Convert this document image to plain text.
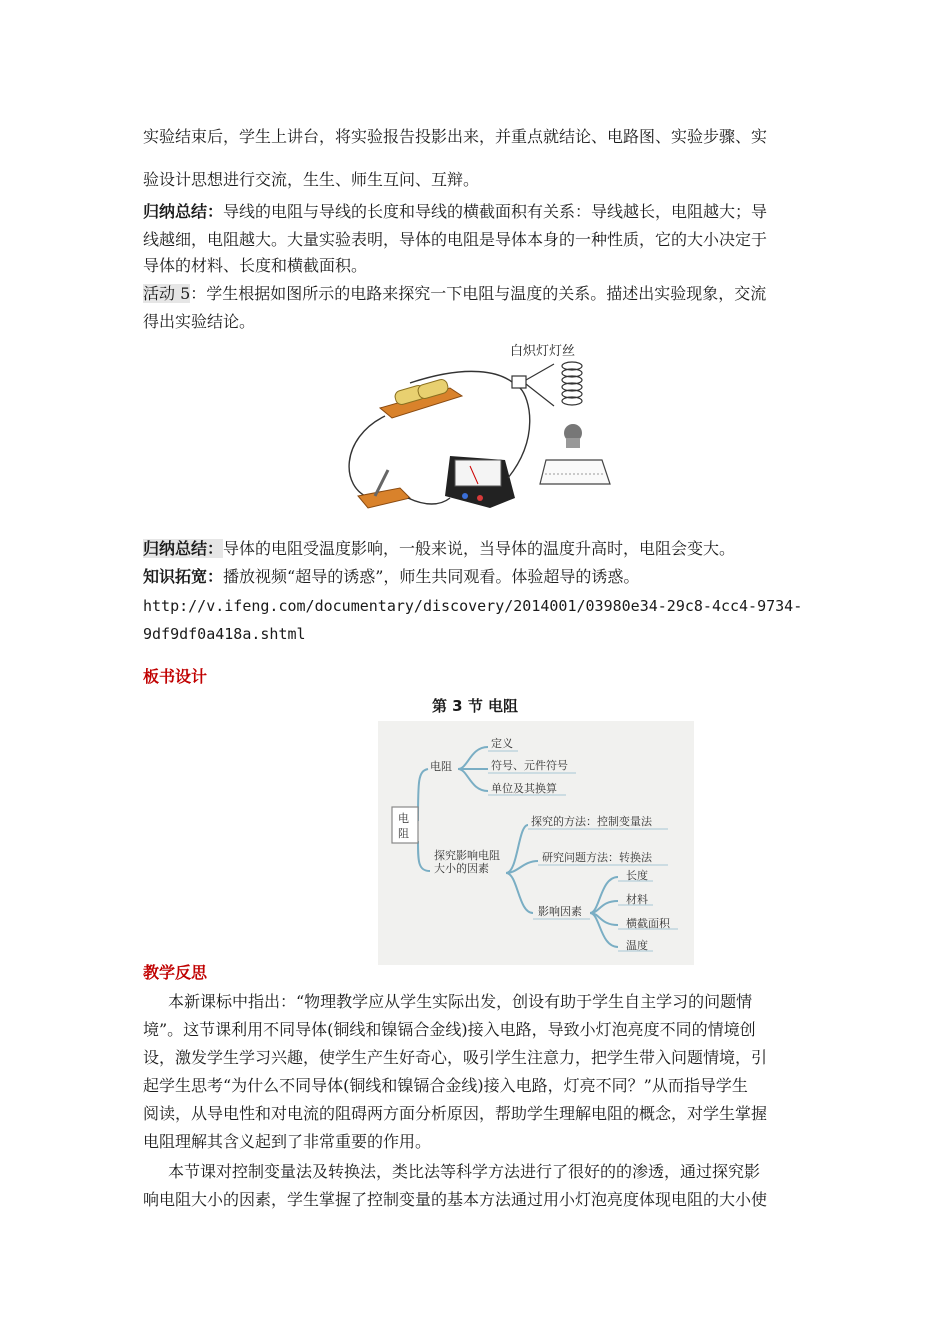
实验结束后，学生上讲台，将实验报告投影出来，并重点就结论、电路图、实验步骤、实
验设计思想进行交流，生生、师生互问、互辩。
归纳总结：导线的电阻与导线的长度和导线的横截面积有关系：导线越长，电阻越大；导
线越细，电阻越大。大量实验表明，导体的电阻是导体本身的一种性质，它的大小决定于
导体的材料、长度和横截面积。
活动 5：学生根据如图所示的电路来探究一下电阻与温度的关系。描述出实验现象，交流
得出实验结论。
白炽灯灯丝
归纳总结：导体的电阻受温度影响，一般来说，当导体的温度升高时，电阻会变大。
知识拓宽：播放视频“超导的诱惑”，师生共同观看。体验超导的诱惑。
http://v.ifeng.com/documentary/discovery/2014001/03980e34-29c8-4cc4-9734-
9df9df0a418a.shtml
板书设计
第 3 节 电阻
电
阻
电阻
定义
符号、元件符号
单位及其换算
探究影响电阻
大小的因素
探究的方法：控制变量法
研究问题方法：转换法
影响因素
长度
材料
横截面积
温度
教学反思
本新课标中指出：“物理教学应从学生实际出发，创设有助于学生自主学习的问题情
境”。这节课利用不同导体(铜线和镍镉合金线)接入电路，导致小灯泡亮度不同的情境创
设，激发学生学习兴趣，使学生产生好奇心，吸引学生注意力，把学生带入问题情境，引
起学生思考“为什么不同导体(铜线和镍镉合金线)接入电路，灯亮不同？”从而指导学生
阅读，从导电性和对电流的阻碍两方面分析原因，帮助学生理解电阻的概念，对学生掌握
电阻理解其含义起到了非常重要的作用。
本节课对控制变量法及转换法，类比法等科学方法进行了很好的的渗透，通过探究影
响电阻大小的因素，学生掌握了控制变量的基本方法通过用小灯泡亮度体现电阻的大小使
